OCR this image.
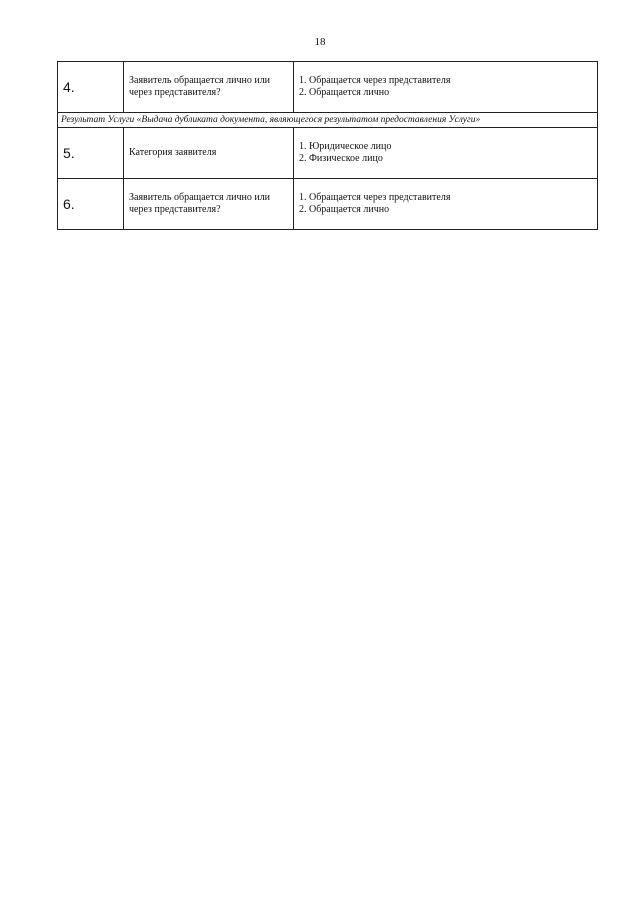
18
4.	Заявитель обращается лично или через представителя?	1. Обращается через представителя
2. Обращается лично

Результат Услуги «Выдача дубликата документа, являющегося результатом предоставления Услуги»		
5.	Категория заявителя	1. Юридическое лицо
2. Физическое лицо

6.	Заявитель обращается лично или через представителя?	1. Обращается через представителя
2. Обращается лично
